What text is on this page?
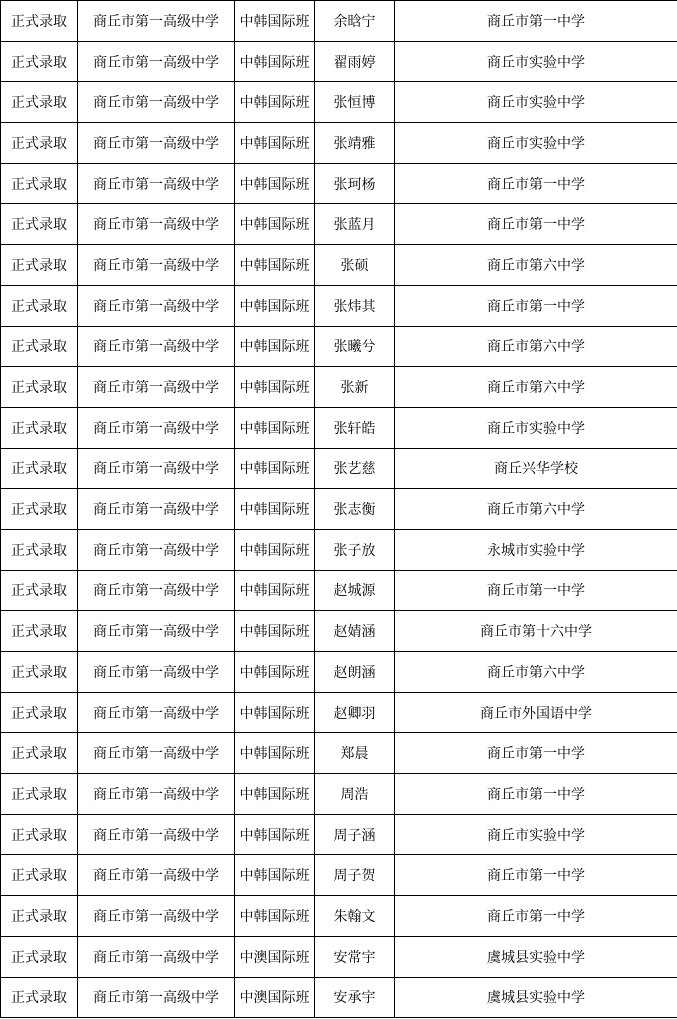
正式录取	商丘市第一高级中学	中韩国际班	余晗宁	商丘市第一中学
正式录取	商丘市第一高级中学	中韩国际班	翟雨婷	商丘市实验中学
正式录取	商丘市第一高级中学	中韩国际班	张恒博	商丘市实验中学
正式录取	商丘市第一高级中学	中韩国际班	张靖雅	商丘市实验中学
正式录取	商丘市第一高级中学	中韩国际班	张珂杨	商丘市第一中学
正式录取	商丘市第一高级中学	中韩国际班	张蓝月	商丘市第一中学
正式录取	商丘市第一高级中学	中韩国际班	张硕	商丘市第六中学
正式录取	商丘市第一高级中学	中韩国际班	张炜其	商丘市第一中学
正式录取	商丘市第一高级中学	中韩国际班	张曦兮	商丘市第六中学
正式录取	商丘市第一高级中学	中韩国际班	张新	商丘市第六中学
正式录取	商丘市第一高级中学	中韩国际班	张轩皓	商丘市实验中学
正式录取	商丘市第一高级中学	中韩国际班	张艺慈	商丘兴华学校
正式录取	商丘市第一高级中学	中韩国际班	张志衡	商丘市第六中学
正式录取	商丘市第一高级中学	中韩国际班	张子放	永城市实验中学
正式录取	商丘市第一高级中学	中韩国际班	赵城源	商丘市第一中学
正式录取	商丘市第一高级中学	中韩国际班	赵婧涵	商丘市第十六中学
正式录取	商丘市第一高级中学	中韩国际班	赵朗涵	商丘市第六中学
正式录取	商丘市第一高级中学	中韩国际班	赵卿羽	商丘市外国语中学
正式录取	商丘市第一高级中学	中韩国际班	郑晨	商丘市第一中学
正式录取	商丘市第一高级中学	中韩国际班	周浩	商丘市第一中学
正式录取	商丘市第一高级中学	中韩国际班	周子涵	商丘市实验中学
正式录取	商丘市第一高级中学	中韩国际班	周子贺	商丘市第一中学
正式录取	商丘市第一高级中学	中韩国际班	朱翰文	商丘市第一中学
正式录取	商丘市第一高级中学	中澳国际班	安常宇	虞城县实验中学
正式录取	商丘市第一高级中学	中澳国际班	安承宇	虞城县实验中学
